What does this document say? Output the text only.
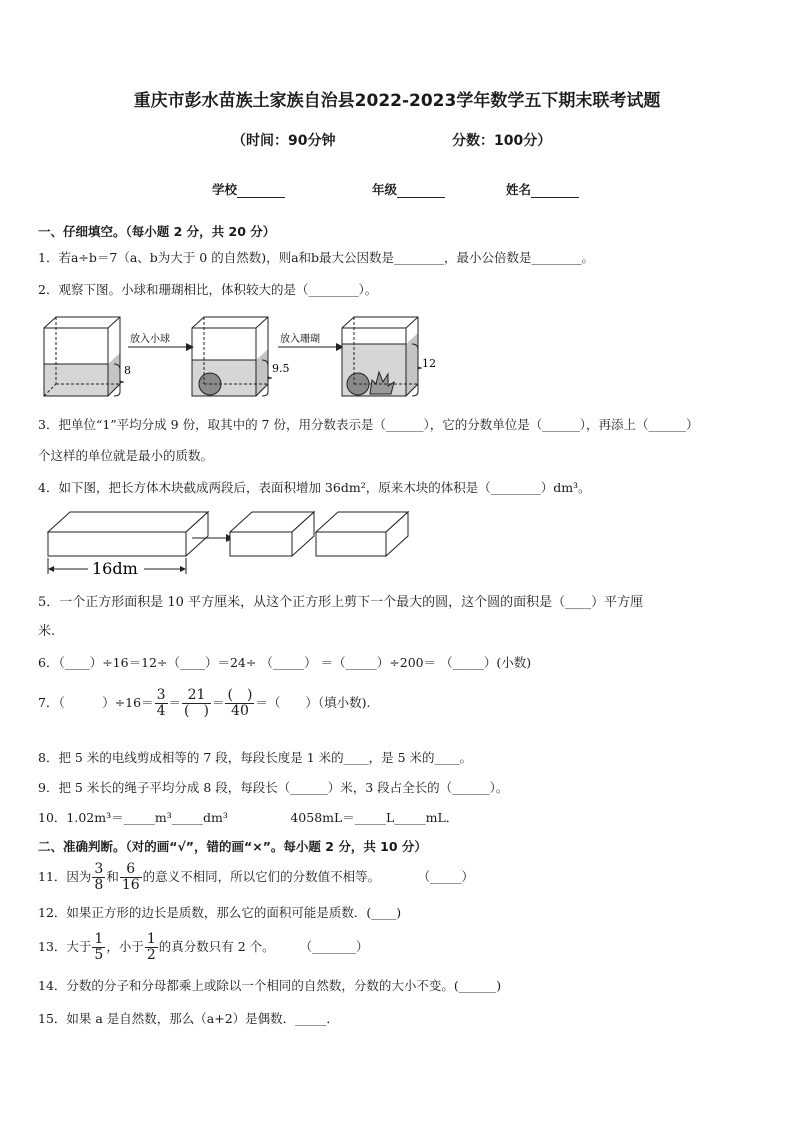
重庆市彭水苗族土家族自治县2022-2023学年数学五下期末联考试题
（时间：90分钟	分数：100分）
学校	年级	姓名
一、仔细填空。（每小题 2 分，共 20 分）
1．若a÷b＝7（a、b为大于 0 的自然数)，则a和b最大公因数是________，最小公倍数是________。
2．观察下图。小球和珊瑚相比，体积较大的是（________）。
8
放入小球
9.5
放入珊瑚
12
3．把单位“1”平均分成 9 份，取其中的 7 份，用分数表示是（______），它的分数单位是（______），再添上（______）
个这样的单位就是最小的质数。
4．如下图，把长方体木块截成两段后，表面积增加 36dm²，原来木块的体积是（________）dm³。
16dm
5．一个正方形面积是 10 平方厘米，从这个正方形上剪下一个最大的圆，这个圆的面积是（____）平方厘
米.
6．（____）÷16＝12÷（____）＝24÷ （_____） ＝（_____）÷200＝ （_____）(小数)
7．（　　　）$\div 16= \frac{3}{4} = \frac{21}{( )} = \frac{( )}{40}$ ＝（　　）（填小数).
8．把 5 米的电线剪成相等的 7 段，每段长度是 1 米的____，是 5 米的____。
9．把 5 米长的绳子平均分成 8 段，每段长（______）米，3 段占全长的（______）。
10．1.02m³＝_____m³_____dm³　　　　　4058mL＝_____L_____mL．
二、准确判断。（对的画“√”，错的画“×”。每小题 2 分，共 10 分）
11．因为 $\frac{3}{8}$ 和 $\frac{6}{16}$ 的意义不相同，所以它们的分数值不相等。　　　　（_____）
12．如果正方形的边长是质数，那么它的面积可能是质数．(____)
13．大于 $\frac{1}{5}$ ，小于 $\frac{1}{2}$ 的真分数只有 2 个。　　　（_______）
14．分数的分子和分母都乘上或除以一个相同的自然数，分数的大小不变。(______)
15．如果 a 是自然数，那么（a+2）是偶数．_____．
